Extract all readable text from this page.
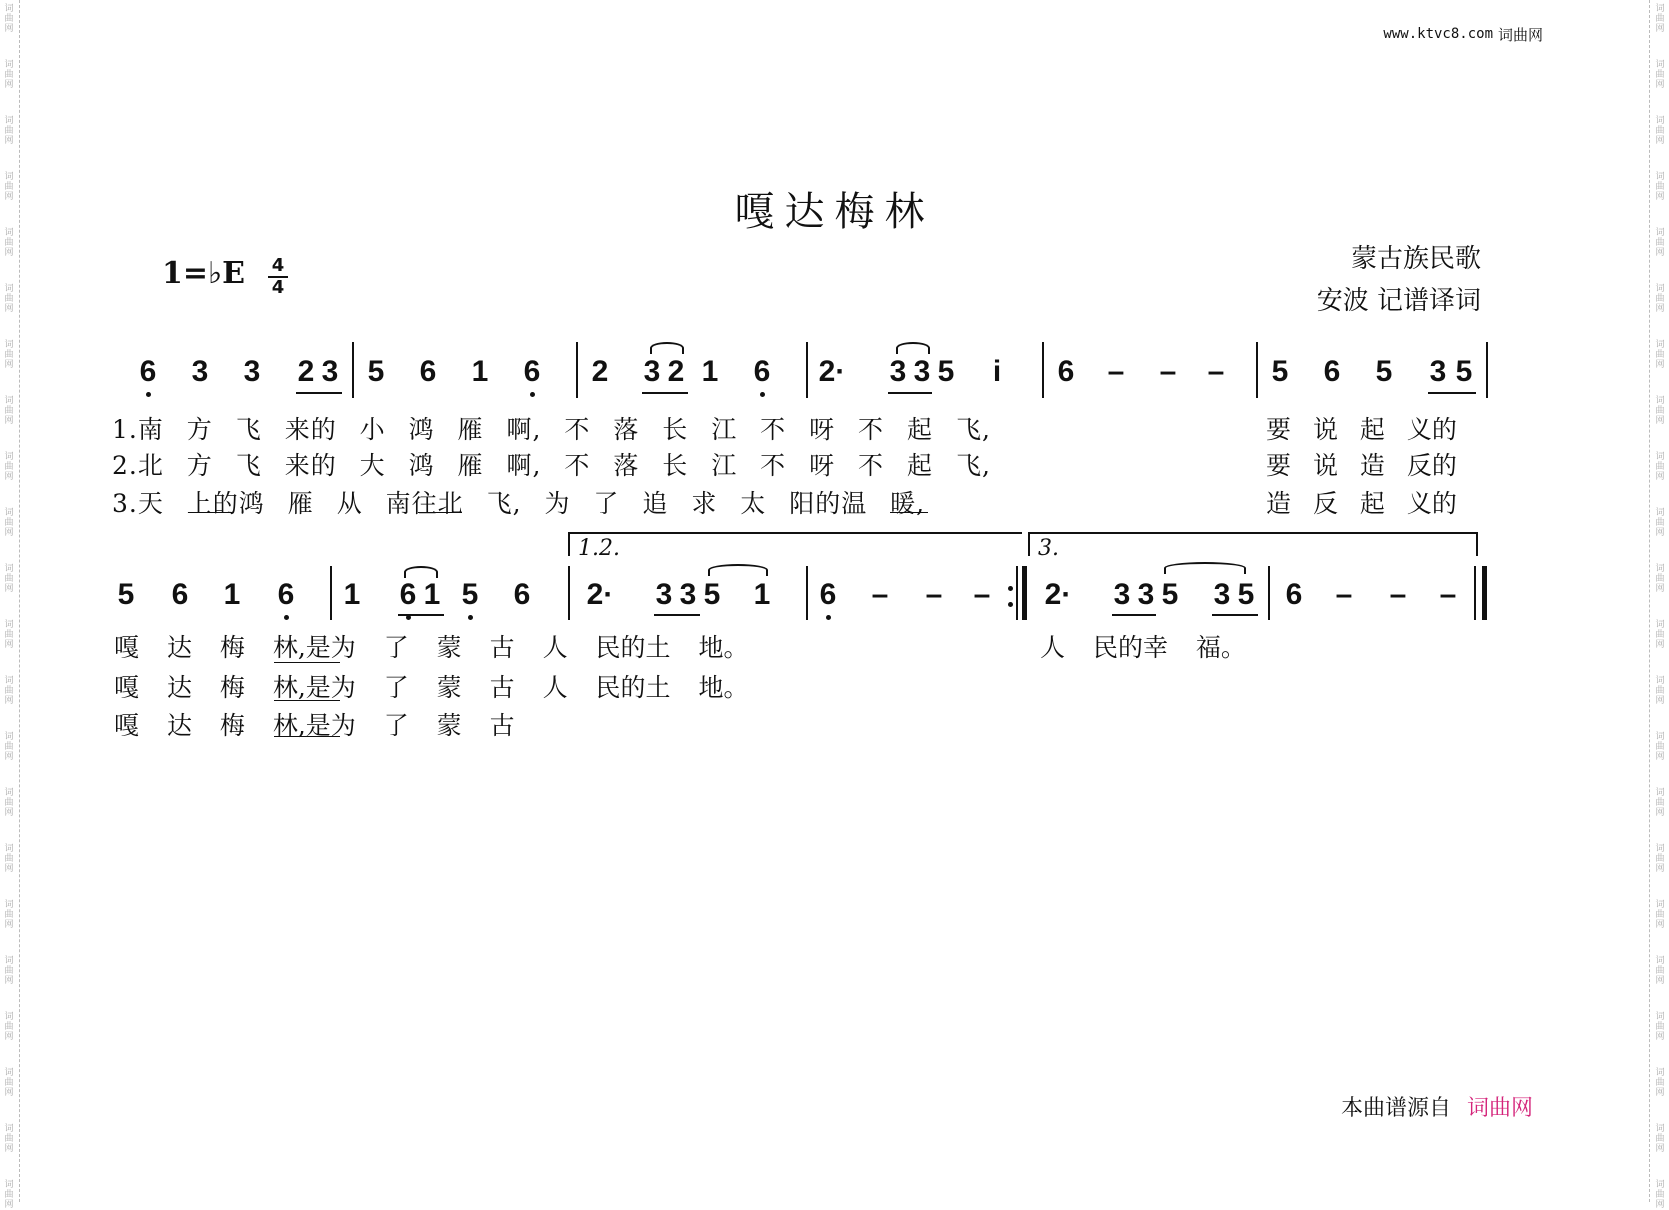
词
曲
网
词
曲
网
词
曲
网
词
曲
网
词
曲
网
词
曲
网
词
曲
网
词
曲
网
词
曲
网
词
曲
网
词
曲
网
词
曲
网
词
曲
网
词
曲
网
词
曲
网
词
曲
网
词
曲
网
词
曲
网
词
曲
网
词
曲
网
词
曲
网
词
曲
网
词
曲
网
词
曲
网
词
曲
网
词
曲
网
词
曲
网
词
曲
网
词
曲
网
词
曲
网
词
曲
网
词
曲
网
词
曲
网
词
曲
网
词
曲
网
词
曲
网
词
曲
网
词
曲
网
词
曲
网
词
曲
网
词
曲
网
词
曲
网
词
曲
网
词
曲
网
www.ktvc8.com 词曲网
嘎达梅林
蒙古族民歌
安波 记谱译词
1=♭E 4
4
6 3 3 2 3 5 6 1 6 2 3 2 1 6 2· 3 3 5 i 6 – – – 5 6 5 3 5
1.南 方 飞 来的 小 鸿 雁 啊, 不 落 长 江 不 呀 不 起 飞,	要 说 起 义的
2.北 方 飞 来的 大 鸿 雁 啊, 不 落 长 江 不 呀 不 起 飞,	要 说 造 反的
3.天 上的鸿 雁 从 南往北 飞, 为 了 追 求 太 阳的温 暖,	造 反 起 义的
1.2.	3.
5 6 1 6 1 6 1 5 6 2· 3 3 5 1 6 – – – 2· 3 3 5 3 5 6 – – –
嘎 达 梅 林,是为 了 蒙 古 人 民的土 地。	人 民的幸 福。
嘎 达 梅 林,是为 了 蒙 古 人 民的土 地。
嘎 达 梅 林,是为 了 蒙 古
本曲谱源自 词曲网
